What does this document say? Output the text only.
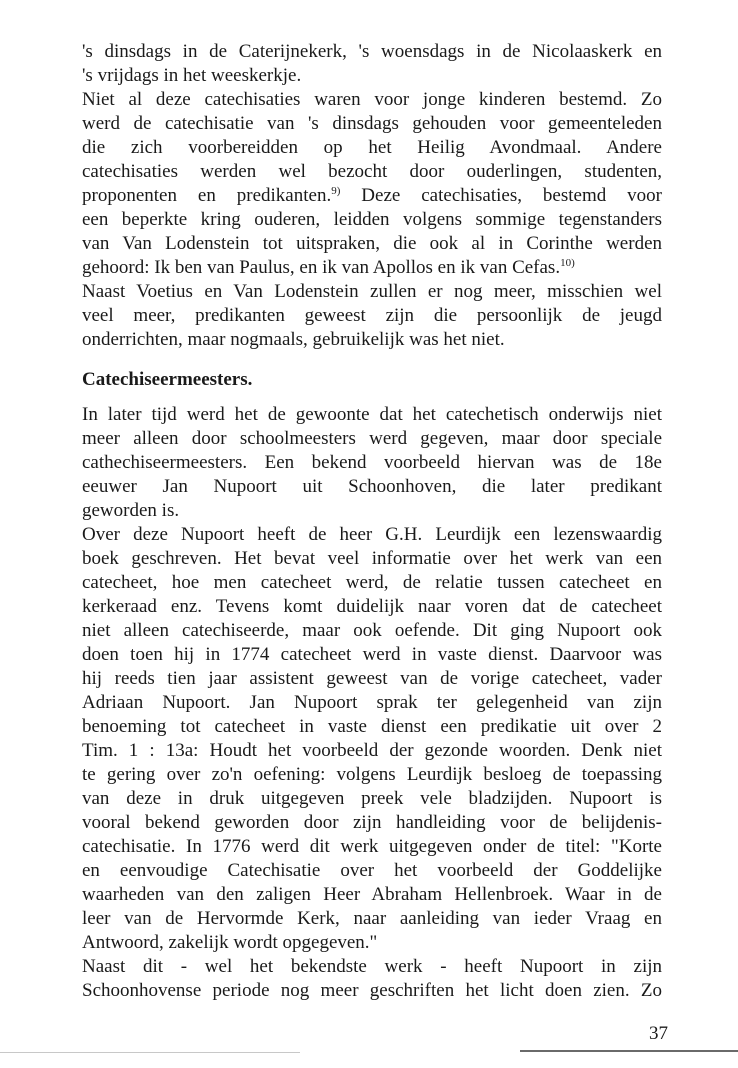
's dinsdags in de Caterijnekerk, 's woensdags in de Nicolaaskerk en
's vrijdags in het weeskerkje.
Niet al deze catechisaties waren voor jonge kinderen bestemd. Zo
werd de catechisatie van 's dinsdags gehouden voor gemeenteleden
die zich voorbereidden op het Heilig Avondmaal. Andere
catechisaties werden wel bezocht door ouderlingen, studenten,
proponenten en predikanten.$^{9)}$ Deze catechisaties, bestemd voor
een beperkte kring ouderen, leidden volgens sommige tegenstanders
van Van Lodenstein tot uitspraken, die ook al in Corinthe werden
gehoord: Ik ben van Paulus, en ik van Apollos en ik van Cefas.$^{10)}$
Naast Voetius en Van Lodenstein zullen er nog meer, misschien wel
veel meer, predikanten geweest zijn die persoonlijk de jeugd
onderrichten, maar nogmaals, gebruikelijk was het niet.
Catechiseermeesters.
In later tijd werd het de gewoonte dat het catechetisch onderwijs niet
meer alleen door schoolmeesters werd gegeven, maar door speciale
cathechiseermeesters. Een bekend voorbeeld hiervan was de 18e
eeuwer Jan Nupoort uit Schoonhoven, die later predikant
geworden is.
Over deze Nupoort heeft de heer G.H. Leurdijk een lezenswaardig
boek geschreven. Het bevat veel informatie over het werk van een
catecheet, hoe men catecheet werd, de relatie tussen catecheet en
kerkeraad enz. Tevens komt duidelijk naar voren dat de catecheet
niet alleen catechiseerde, maar ook oefende. Dit ging Nupoort ook
doen toen hij in 1774 catecheet werd in vaste dienst. Daarvoor was
hij reeds tien jaar assistent geweest van de vorige catecheet, vader
Adriaan Nupoort. Jan Nupoort sprak ter gelegenheid van zijn
benoeming tot catecheet in vaste dienst een predikatie uit over 2
Tim. 1 : 13a: Houdt het voorbeeld der gezonde woorden. Denk niet
te gering over zo'n oefening: volgens Leurdijk besloeg de toepassing
van deze in druk uitgegeven preek vele bladzijden. Nupoort is
vooral bekend geworden door zijn handleiding voor de belijdenis-
catechisatie. In 1776 werd dit werk uitgegeven onder de titel: "Korte
en eenvoudige Catechisatie over het voorbeeld der Goddelijke
waarheden van den zaligen Heer Abraham Hellenbroek. Waar in de
leer van de Hervormde Kerk, naar aanleiding van ieder Vraag en
Antwoord, zakelijk wordt opgegeven."
Naast dit - wel het bekendste werk - heeft Nupoort in zijn
Schoonhovense periode nog meer geschriften het licht doen zien. Zo
37
